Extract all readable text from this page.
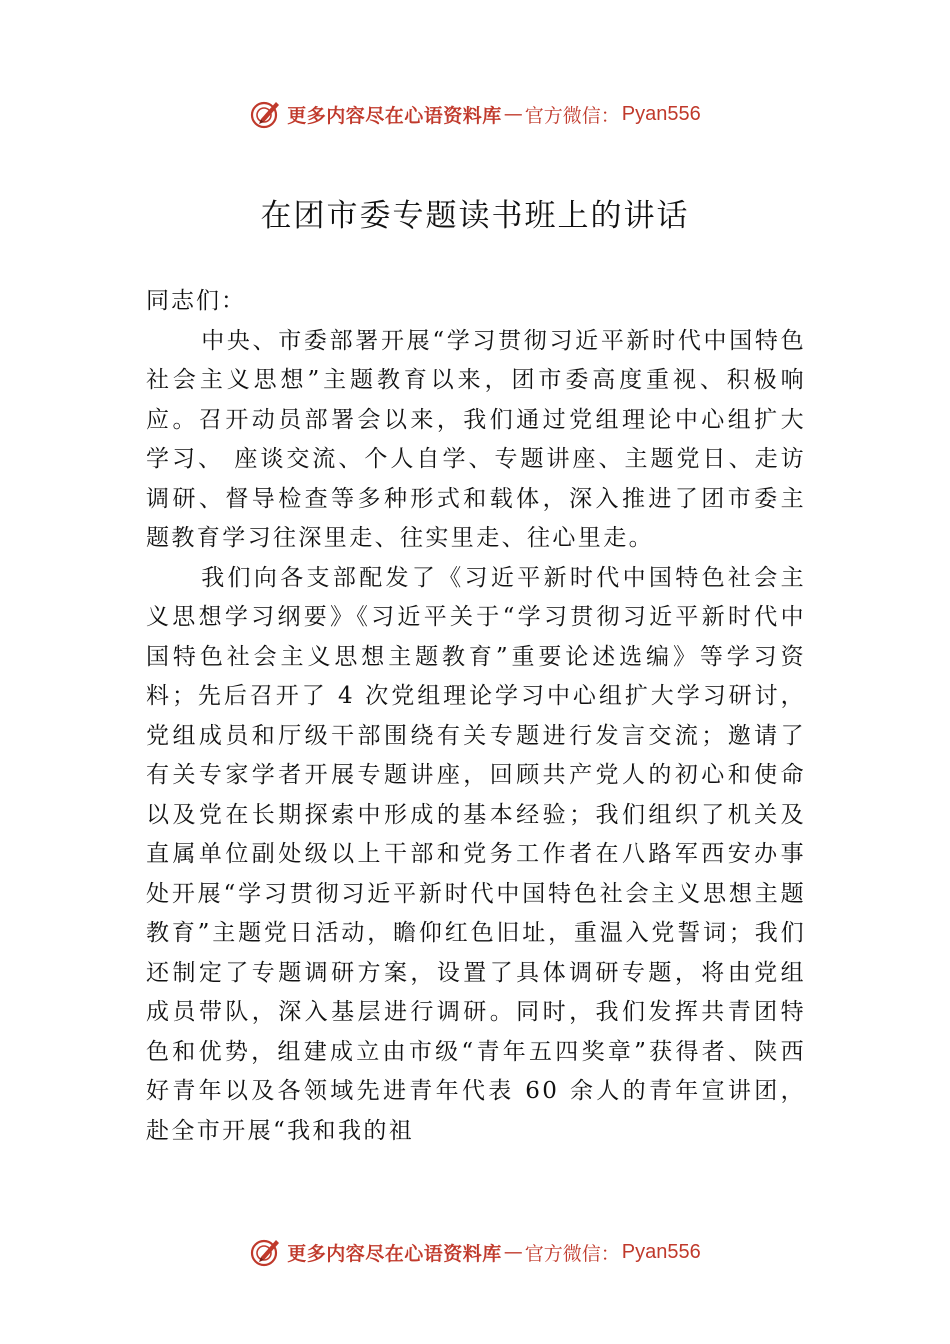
更多内容尽在心语资料库 — 官方微信： Pyan556
在团市委专题读书班上的讲话

同志们：

中央、市委部署开展“学习贯彻习近平新时代中国特色社会主义思想”主题教育以来，团市委高度重视、积极响应。召开动员部署会以来，我们通过党组理论中心组扩大学习、 座谈交流、个人自学、专题讲座、主题党日、走访调研、督导检查等多种形式和载体，深入推进了团市委主题教育学习往深里走、往实里走、往心里走。

我们向各支部配发了《习近平新时代中国特色社会主义思想学习纲要》《习近平关于“学习贯彻习近平新时代中国特色社会主义思想主题教育”重要论述选编》等学习资料；先后召开了 4 次党组理论学习中心组扩大学习研讨，党组成员和厅级干部围绕有关专题进行发言交流；邀请了有关专家学者开展专题讲座，回顾共产党人的初心和使命以及党在长期探索中形成的基本经验；我们组织了机关及直属单位副处级以上干部和党务工作者在八路军西安办事处开展“学习贯彻习近平新时代中国特色社会主义思想主题教育”主题党日活动，瞻仰红色旧址，重温入党誓词；我们还制定了专题调研方案，设置了具体调研专题，将由党组成员带队，深入基层进行调研。同时，我们发挥共青团特色和优势，组建成立由市级“青年五四奖章”获得者、陕西好青年以及各领域先进青年代表 60 余人的青年宣讲团，赴全市开展“我和我的祖

更多内容尽在心语资料库 — 官方微信： Pyan556
